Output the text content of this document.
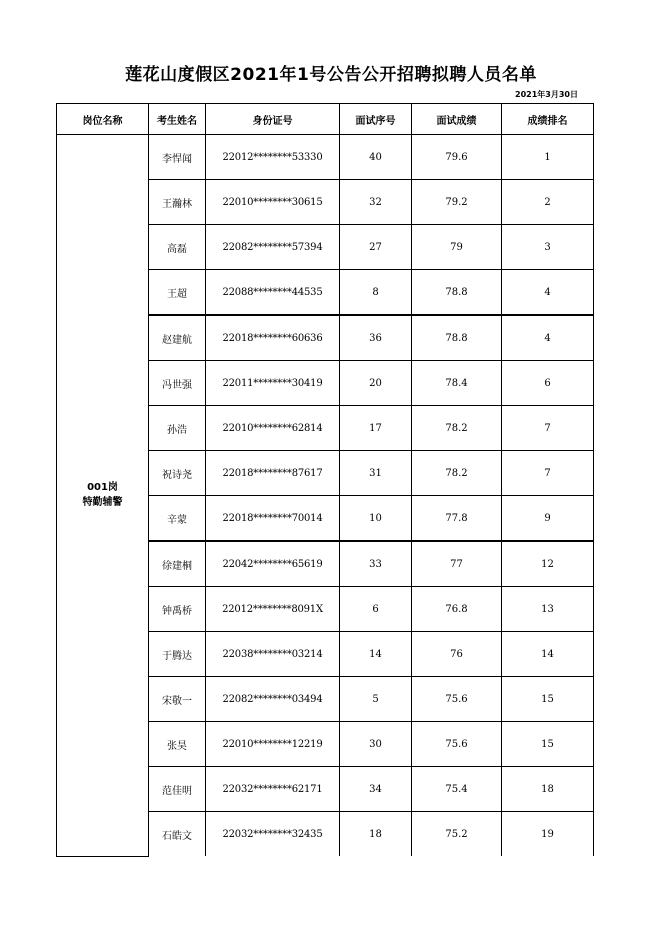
莲花山度假区2021年1号公告公开招聘拟聘人员名单
2021年3月30日
岗位名称	考生姓名	身份证号	面试序号	面试成绩	成绩排名

001岗
特勤辅警	李悍闻	22012********53330	40	79.6	1
	王瀚林	22010********30615	32	79.2	2
	高磊	22082********57394	27	79	3
	王超	22088********44535	8	78.8	4
	赵建航	22018********60636	36	78.8	4
	冯世强	22011********30419	20	78.4	6
	孙浩	22010********62814	17	78.2	7
	祝诗尧	22018********87617	31	78.2	7
	辛蒙	22018********70014	10	77.8	9
	徐建桐	22042********65619	33	77	12
	钟禹桥	22012********8091X	6	76.8	13
	于腾达	22038********03214	14	76	14
	宋敬一	22082********03494	5	75.6	15
	张昊	22010********12219	30	75.6	15
	范佳明	22032********62171	34	75.4	18
	石皓文	22032********32435	18	75.2	19
